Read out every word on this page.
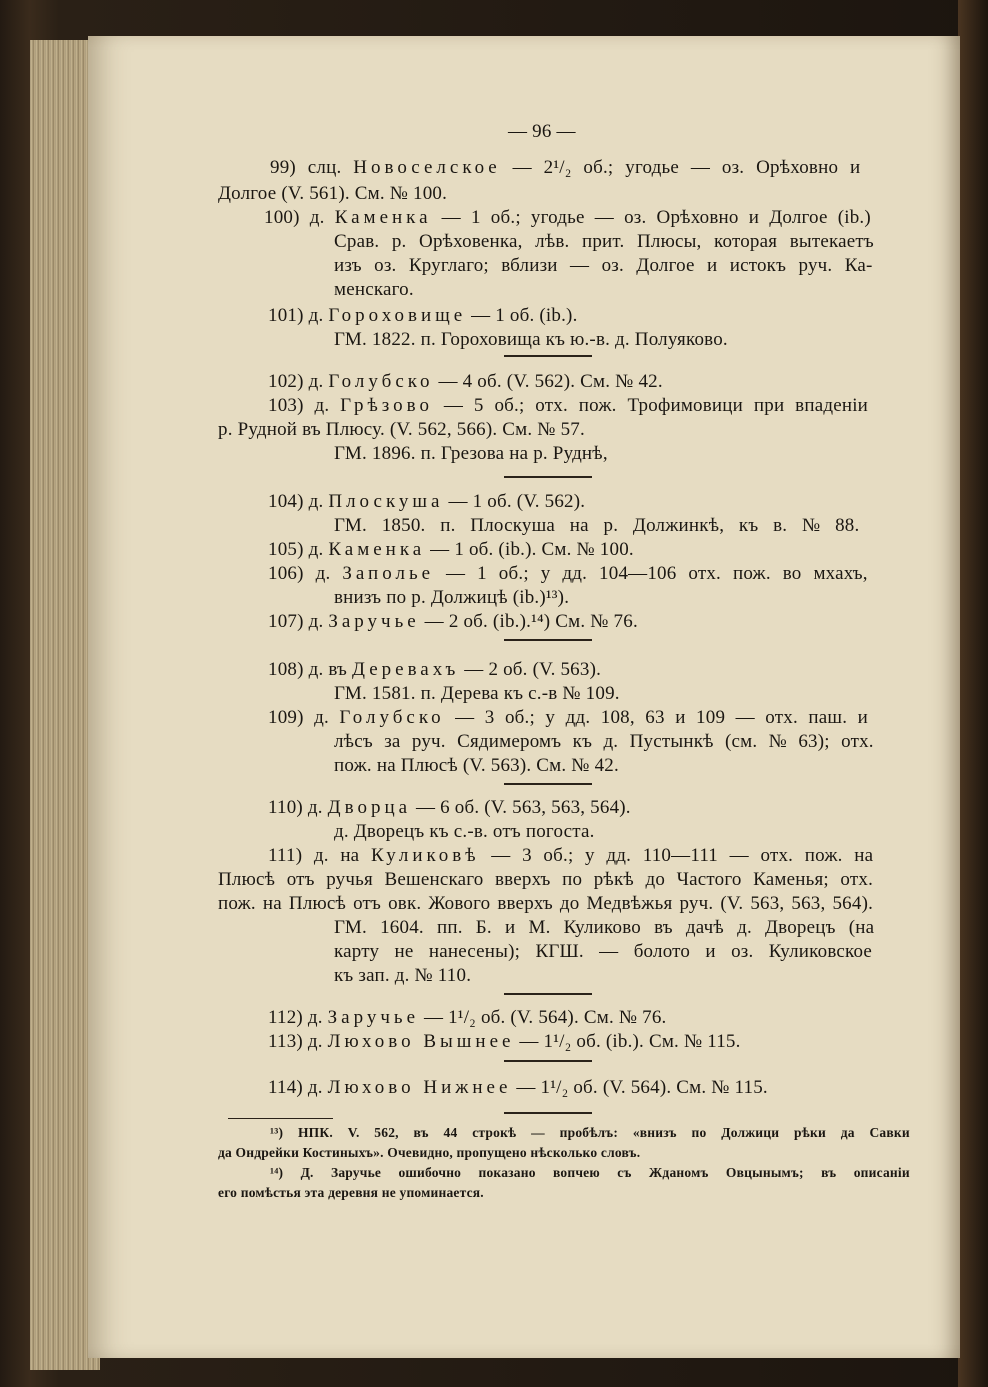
— 96 —
99) слц. Новоселское — 2¹/₂ об.; угодье — оз. Орѣховно и
Долгое (V. 561). См. № 100.
100) д. Каменка — 1 об.; угодье — оз. Орѣховно и Долгое (ib.)
Срав. р. Орѣховенка, лѣв. прит. Плюсы, которая вытекаетъ
изъ оз. Круглаго; вблизи — оз. Долгое и истокъ руч. Ка-
менскаго.
101) д. Гороховище — 1 об. (ib.).
ГМ. 1822. п. Гороховища къ ю.-в. д. Полуяково.
102) д. Голубско — 4 об. (V. 562). См. № 42.
103) д. Грѣзово — 5 об.; отх. пож. Трофимовици при впаденіи
р. Рудной въ Плюсу. (V. 562, 566). См. № 57.
ГМ. 1896. п. Грезова на р. Руднѣ,
104) д. Плоскуша — 1 об. (V. 562).
ГМ. 1850. п. Плоскуша на р. Должинкѣ, къ в. № 88.
105) д. Каменка — 1 об. (ib.). См. № 100.
106) д. Заполье — 1 об.; у дд. 104—106 отх. пож. во мхахъ,
внизъ по р. Должицѣ (ib.)¹³).
107) д. Заручье — 2 об. (ib.).¹⁴) См. № 76.
108) д. въ Деревахъ — 2 об. (V. 563).
ГМ. 1581. п. Дерева къ с.-в № 109.
109) д. Голубско — 3 об.; у дд. 108, 63 и 109 — отх. паш. и
лѣсъ за руч. Сядимеромъ къ д. Пустынкѣ (см. № 63); отх.
пож. на Плюсѣ (V. 563). См. № 42.
110) д. Дворца — 6 об. (V. 563, 563, 564).
д. Дворецъ къ с.-в. отъ погоста.
111) д. на Куликовѣ — 3 об.; у дд. 110—111 — отх. пож. на
Плюсѣ отъ ручья Вешенскаго вверхъ по рѣкѣ до Частого Каменья; отх.
пож. на Плюсѣ отъ овк. Жового вверхъ до Медвѣжья руч. (V. 563, 563, 564).
ГМ. 1604. пп. Б. и М. Куликово въ дачѣ д. Дворецъ (на
карту не нанесены); КГШ. — болото и оз. Куликовское
къ зап. д. № 110.
112) д. Заручье — 1¹/₂ об. (V. 564). См. № 76.
113) д. Люхово Вышнее — 1¹/₂ об. (ib.). См. № 115.
114) д. Люхово Нижнее — 1¹/₂ об. (V. 564). См. № 115.
¹³) НПК. V. 562, въ 44 строкѣ — пробѣлъ: «внизъ по Должици рѣки да Савки
да Ондрейки Костиныхъ». Очевидно, пропущено нѣсколько словъ.
¹⁴) Д. Заручье ошибочно показано вопчею съ Жданомъ Овцынымъ; въ описаніи
его помѣстья эта деревня не упоминается.
